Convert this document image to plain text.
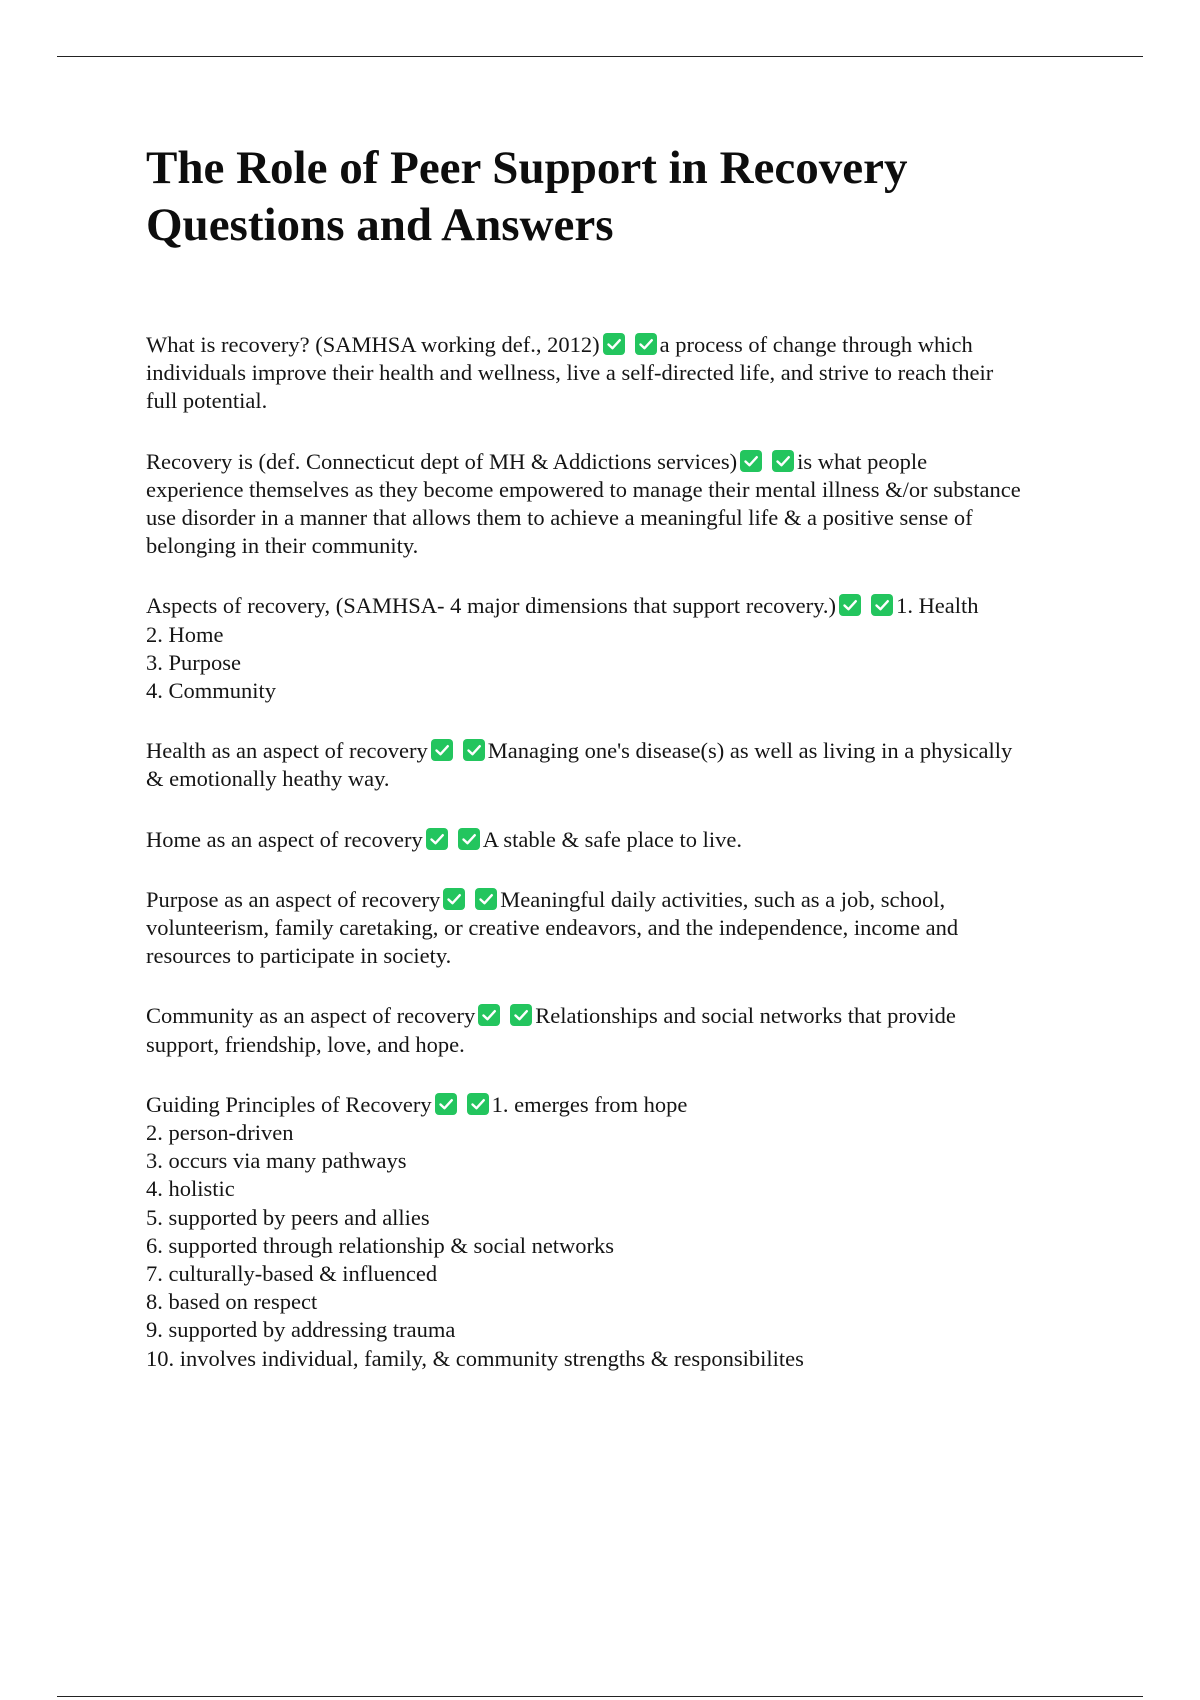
The Role of Peer Support in Recovery
Questions and Answers
What is recovery? (SAMHSA working def., 2012)	a process of change through which
individuals improve their health and wellness, live a self-directed life, and strive to reach their
full potential.
Recovery is (def. Connecticut dept of MH & Addictions services)	is what people
experience themselves as they become empowered to manage their mental illness &/or substance
use disorder in a manner that allows them to achieve a meaningful life & a positive sense of
belonging in their community.
Aspects of recovery, (SAMHSA- 4 major dimensions that support recovery.)	1. Health
2. Home
3. Purpose
4. Community
Health as an aspect of recovery	Managing one's disease(s) as well as living in a physically
& emotionally heathy way.
Home as an aspect of recovery	A stable & safe place to live.
Purpose as an aspect of recovery	Meaningful daily activities, such as a job, school,
volunteerism, family caretaking, or creative endeavors, and the independence, income and
resources to participate in society.
Community as an aspect of recovery	Relationships and social networks that provide
support, friendship, love, and hope.
Guiding Principles of Recovery	1. emerges from hope
2. person-driven
3. occurs via many pathways
4. holistic
5. supported by peers and allies
6. supported through relationship & social networks
7. culturally-based & influenced
8. based on respect
9. supported by addressing trauma
10. involves individual, family, & community strengths & responsibilites
